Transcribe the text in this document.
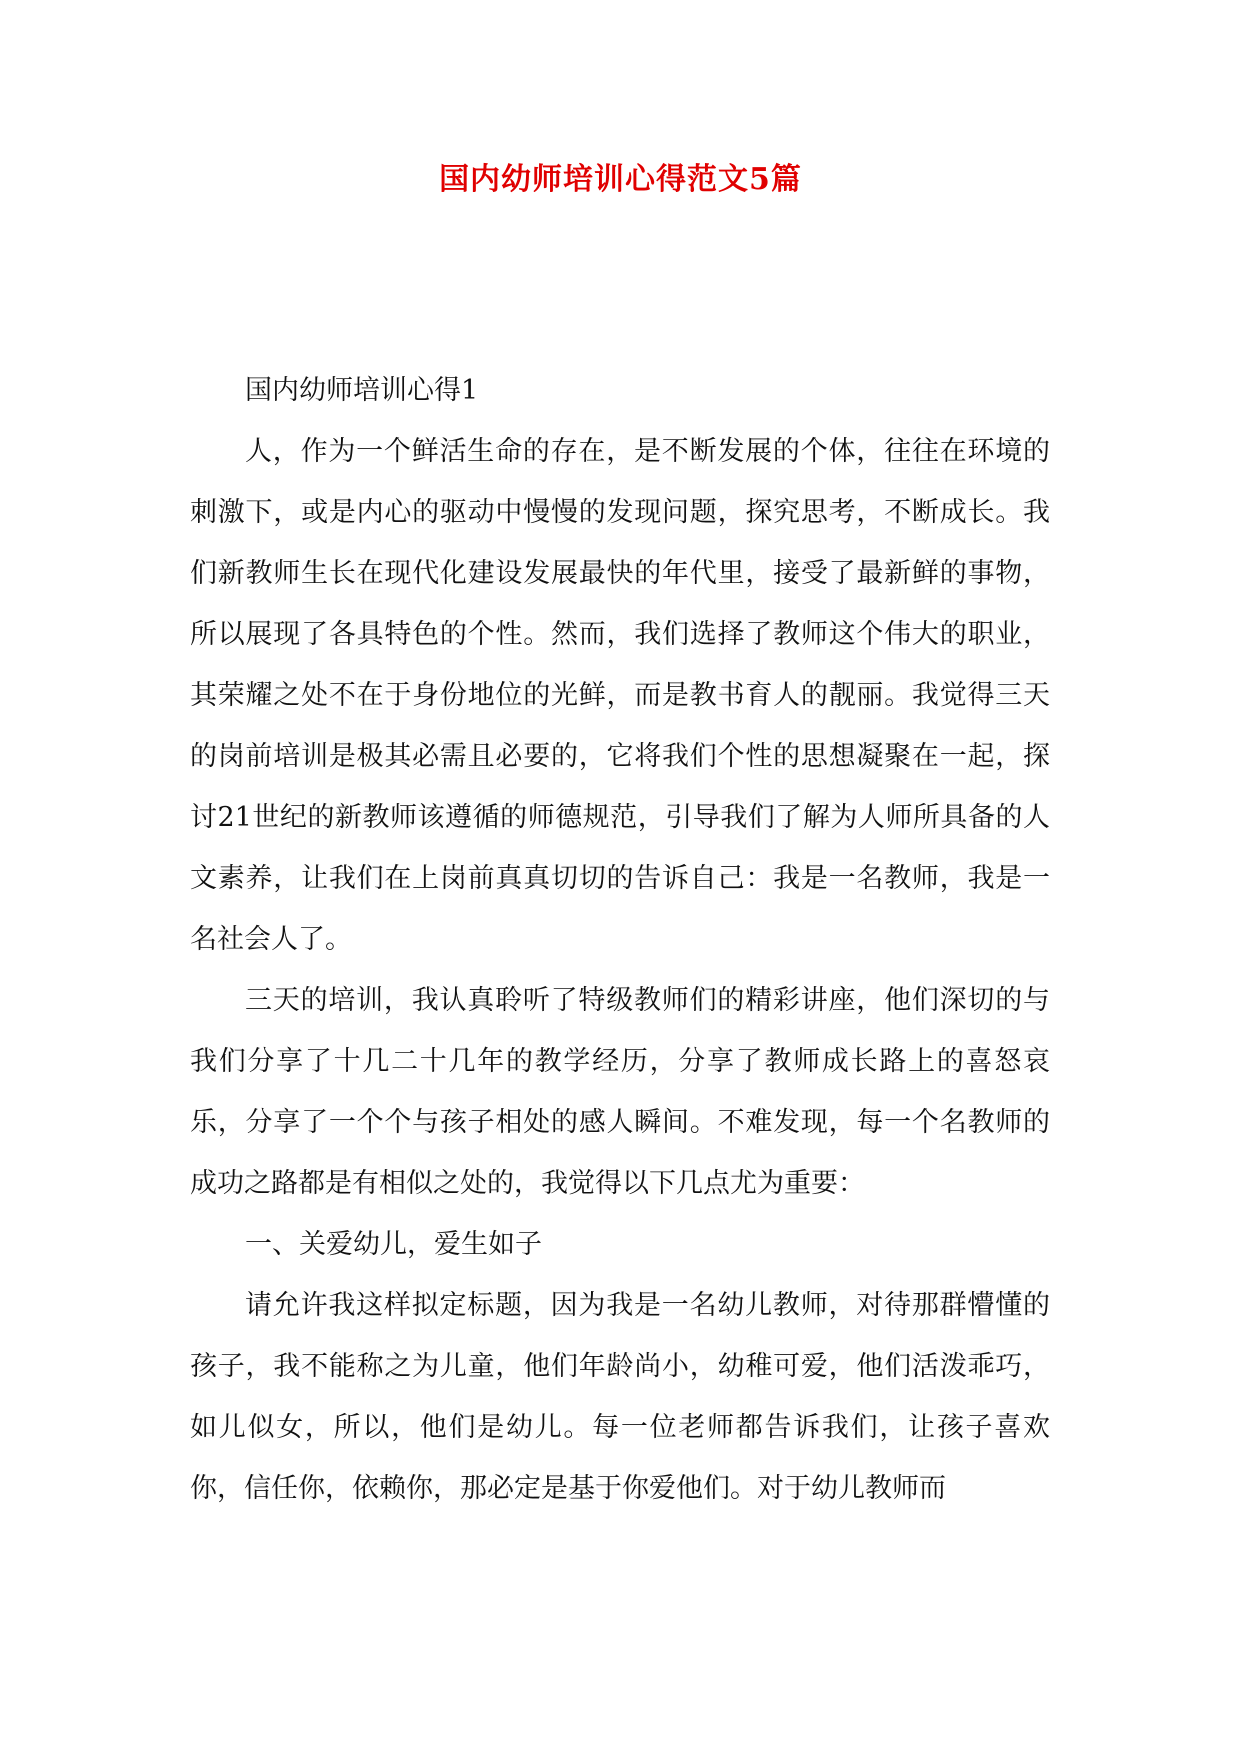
国内幼师培训心得范文5篇

国内幼师培训心得1

人，作为一个鲜活生命的存在，是不断发展的个体，往往在环境的刺激下，或是内心的驱动中慢慢的发现问题，探究思考，不断成长。我们新教师生长在现代化建设发展最快的年代里，接受了最新鲜的事物，所以展现了各具特色的个性。然而，我们选择了教师这个伟大的职业，其荣耀之处不在于身份地位的光鲜，而是教书育人的靓丽。我觉得三天的岗前培训是极其必需且必要的，它将我们个性的思想凝聚在一起，探讨21世纪的新教师该遵循的师德规范，引导我们了解为人师所具备的人文素养，让我们在上岗前真真切切的告诉自己：我是一名教师，我是一名社会人了。

三天的培训，我认真聆听了特级教师们的精彩讲座，他们深切的与我们分享了十几二十几年的教学经历，分享了教师成长路上的喜怒哀乐，分享了一个个与孩子相处的感人瞬间。不难发现，每一个名教师的成功之路都是有相似之处的，我觉得以下几点尤为重要：

一、关爱幼儿，爱生如子

请允许我这样拟定标题，因为我是一名幼儿教师，对待那群懵懂的孩子，我不能称之为儿童，他们年龄尚小，幼稚可爱，他们活泼乖巧，如儿似女，所以，他们是幼儿。每一位老师都告诉我们，让孩子喜欢你，信任你，依赖你，那必定是基于你爱他们。对于幼儿教师而
